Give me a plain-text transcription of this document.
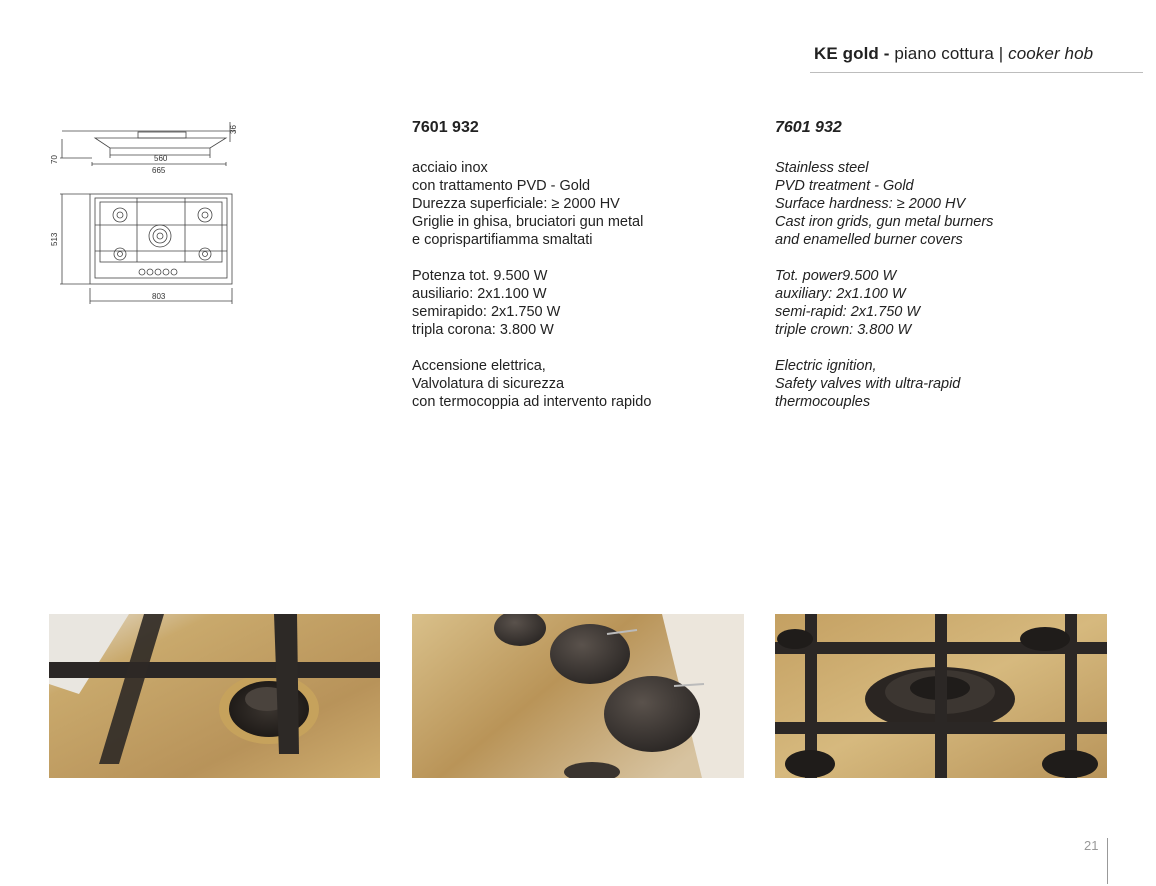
KE gold - piano cottura | cooker hob
36
70	560
665
513
803
7601 932
acciaio inox
con trattamento PVD - Gold
Durezza superficiale: ≥ 2000 HV
Griglie in ghisa, bruciatori gun metal
e coprispartifiamma smaltati
Potenza tot. 9.500 W
ausiliario: 2x1.100 W
semirapido: 2x1.750 W
tripla corona: 3.800 W
Accensione elettrica,
Valvolatura di sicurezza
con termocoppia ad intervento rapido
7601 932
Stainless steel
PVD treatment - Gold
Surface hardness: ≥ 2000 HV
Cast iron grids, gun metal burners
and enamelled burner covers
Tot. power9.500 W
auxiliary: 2x1.100 W
semi-rapid: 2x1.750 W
triple crown: 3.800 W
Electric ignition,
Safety valves with ultra-rapid
thermocouples
21
